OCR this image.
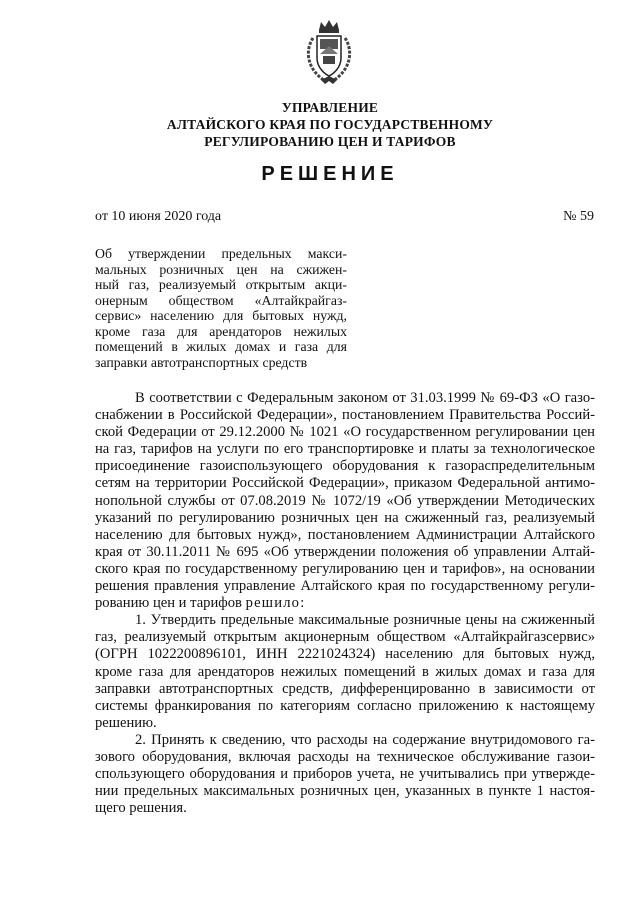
УПРАВЛЕНИЕ
АЛТАЙСКОГО КРАЯ ПО ГОСУДАРСТВЕННОМУ
РЕГУЛИРОВАНИЮ ЦЕН И ТАРИФОВ
РЕШЕНИЕ
от 10 июня 2020 года	№ 59
Об утверждении предельных макси-
мальных розничных цен на сжижен-
ный газ, реализуемый открытым акци-
онерным обществом «Алтайкрайгаз-
сервис» населению для бытовых нужд,
кроме газа для арендаторов нежилых
помещений в жилых домах и газа для
заправки автотранспортных средств
В соответствии с Федеральным законом от 31.03.1999 № 69-ФЗ «О газо-
снабжении в Российской Федерации», постановлением Правительства Россий-
ской Федерации от 29.12.2000 № 1021 «О государственном регулировании цен
на газ, тарифов на услуги по его транспортировке и платы за технологическое
присоединение газоиспользующего оборудования к газораспределительным
сетям на территории Российской Федерации», приказом Федеральной антимо-
нопольной службы от 07.08.2019 № 1072/19 «Об утверждении Методических
указаний по регулированию розничных цен на сжиженный газ, реализуемый
населению для бытовых нужд», постановлением Администрации Алтайского
края от 30.11.2011 № 695 «Об утверждении положения об управлении Алтай-
ского края по государственному регулированию цен и тарифов», на основании
решения правления управление Алтайского края по государственному регули-
рованию цен и тарифов решило:
1. Утвердить предельные максимальные розничные цены на сжиженный
газ, реализуемый открытым акционерным обществом «Алтайкрайгазсервис»
(ОГРН 1022200896101, ИНН 2221024324) населению для бытовых нужд,
кроме газа для арендаторов нежилых помещений в жилых домах и газа для
заправки автотранспортных средств, дифференцированно в зависимости от
системы франкирования по категориям согласно приложению к настоящему
решению.
2. Принять к сведению, что расходы на содержание внутридомового га-
зового оборудования, включая расходы на техническое обслуживание газои-
спользующего оборудования и приборов учета, не учитывались при утвержде-
нии предельных максимальных розничных цен, указанных в пункте 1 настоя-
щего решения.
